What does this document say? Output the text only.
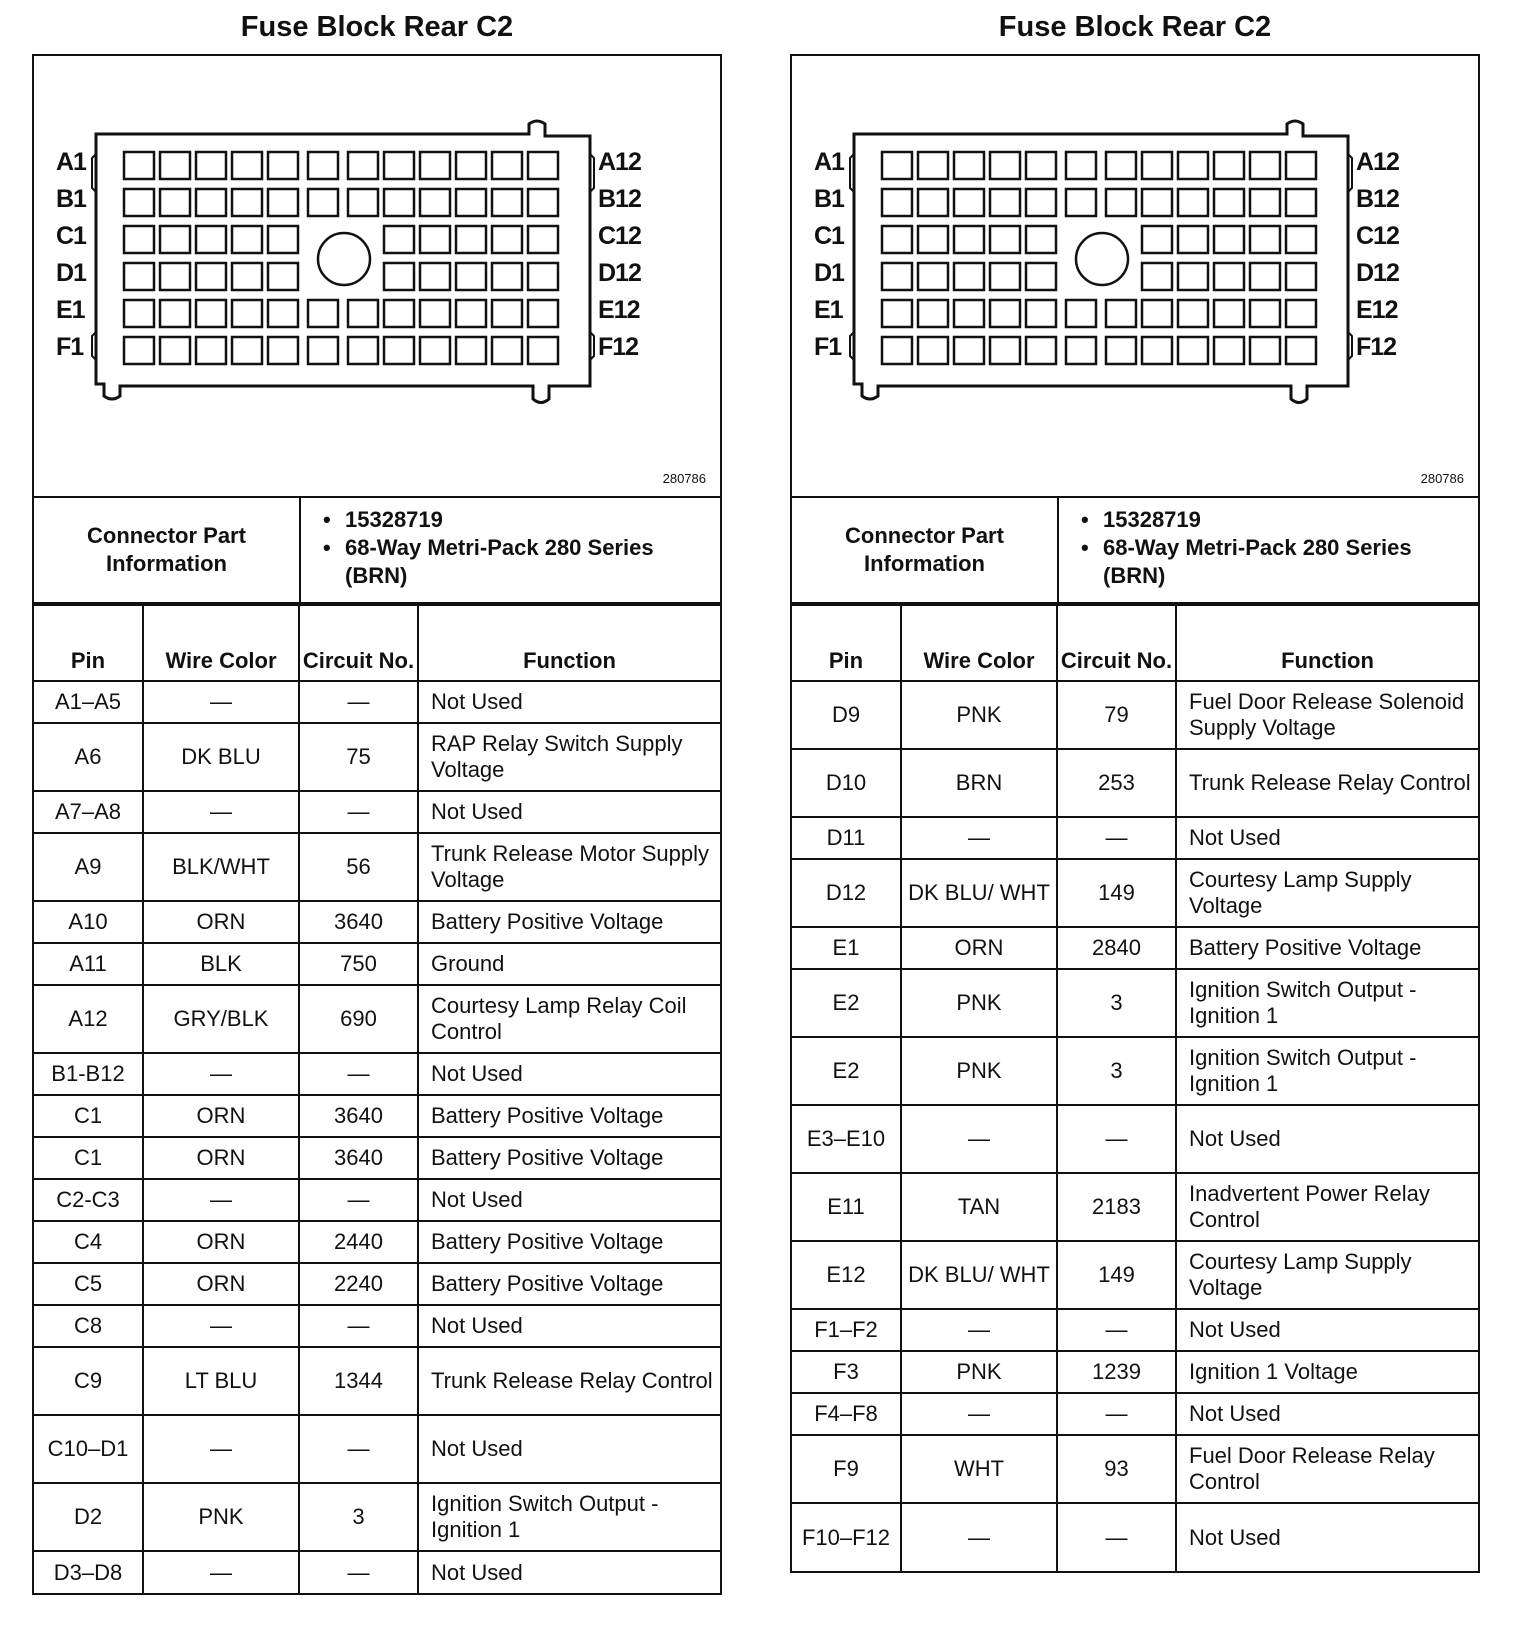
Fuse Block Rear C2
A1
B1
C1
D1
E1
F1
A12
B12
C12
D12
E12
F12
280786
Connector Part Information
• 15328719
• 68-Way Metri-Pack 280 Series (BRN)
Pin	Wire Color	Circuit No.	Function
A1–A5	—	—	Not Used
A6	DK BLU	75	RAP Relay Switch Supply Voltage
A7–A8	—	—	Not Used
A9	BLK/WHT	56	Trunk Release Motor Supply Voltage
A10	ORN	3640	Battery Positive Voltage
A11	BLK	750	Ground
A12	GRY/BLK	690	Courtesy Lamp Relay Coil Control
B1-B12	—	—	Not Used
C1	ORN	3640	Battery Positive Voltage
C1	ORN	3640	Battery Positive Voltage
C2-C3	—	—	Not Used
C4	ORN	2440	Battery Positive Voltage
C5	ORN	2240	Battery Positive Voltage
C8	—	—	Not Used
C9	LT BLU	1344	Trunk Release Relay Control
C10–D1	—	—	Not Used
D2	PNK	3	Ignition Switch Output - Ignition 1
D3–D8	—	—	Not Used
Fuse Block Rear C2
A1
B1
C1
D1
E1
F1
A12
B12
C12
D12
E12
F12
280786
Connector Part Information
• 15328719
• 68-Way Metri-Pack 280 Series (BRN)
Pin	Wire Color	Circuit No.	Function
D9	PNK	79	Fuel Door Release Solenoid Supply Voltage
D10	BRN	253	Trunk Release Relay Control
D11	—	—	Not Used
D12	DK BLU/ WHT	149	Courtesy Lamp Supply Voltage
E1	ORN	2840	Battery Positive Voltage
E2	PNK	3	Ignition Switch Output - Ignition 1
E2	PNK	3	Ignition Switch Output - Ignition 1
E3–E10	—	—	Not Used
E11	TAN	2183	Inadvertent Power Relay Control
E12	DK BLU/ WHT	149	Courtesy Lamp Supply Voltage
F1–F2	—	—	Not Used
F3	PNK	1239	Ignition 1 Voltage
F4–F8	—	—	Not Used
F9	WHT	93	Fuel Door Release Relay Control
F10–F12	—	—	Not Used
